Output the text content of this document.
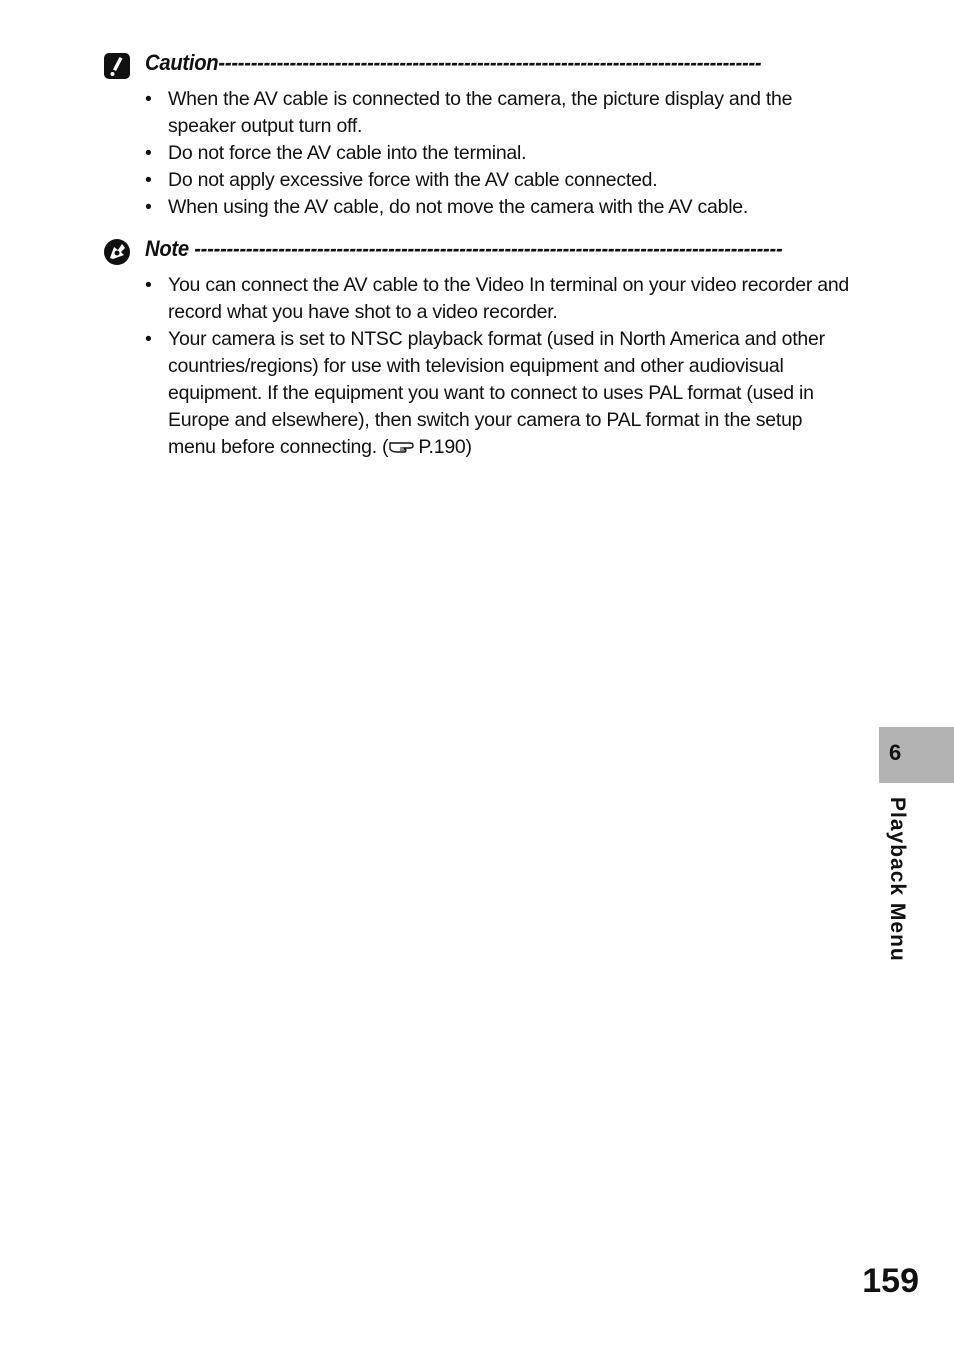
Caution------------------------------------------------------------------------------------
• When the AV cable is connected to the camera, the picture display and the speaker output turn off.
• Do not force the AV cable into the terminal.
• Do not apply excessive force with the AV cable connected.
• When using the AV cable, do not move the camera with the AV cable.
Note -------------------------------------------------------------------------------------------
• You can connect the AV cable to the Video In terminal on your video recorder and record what you have shot to a video recorder.
• Your camera is set to NTSC playback format (used in North America and other countries/regions) for use with television equipment and other audiovisual equipment. If the equipment you want to connect to uses PAL format (used in Europe and elsewhere), then switch your camera to PAL format in the setup menu before connecting. ( P.190)
6
Playback Menu
159
